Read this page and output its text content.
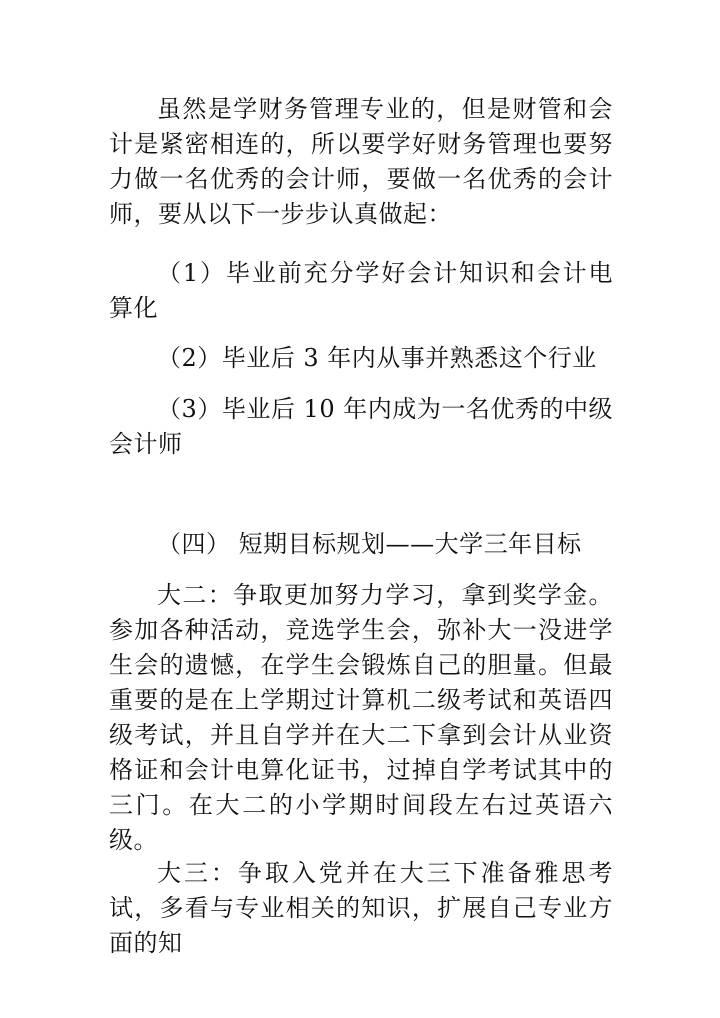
虽然是学财务管理专业的，但是财管和会计是紧密相连的，所以要学好财务管理也要努力做一名优秀的会计师，要做一名优秀的会计师，要从以下一步步认真做起：

（1）毕业前充分学好会计知识和会计电算化

（2）毕业后 3 年内从事并熟悉这个行业

（3）毕业后 10 年内成为一名优秀的中级会计师

（四） 短期目标规划——大学三年目标

大二：争取更加努力学习，拿到奖学金。参加各种活动，竞选学生会，弥补大一没进学生会的遗憾，在学生会锻炼自己的胆量。但最重要的是在上学期过计算机二级考试和英语四级考试，并且自学并在大二下拿到会计从业资格证和会计电算化证书，过掉自学考试其中的三门。在大二的小学期时间段左右过英语六级。

大三：争取入党并在大三下准备雅思考试，多看与专业相关的知识，扩展自己专业方面的知
